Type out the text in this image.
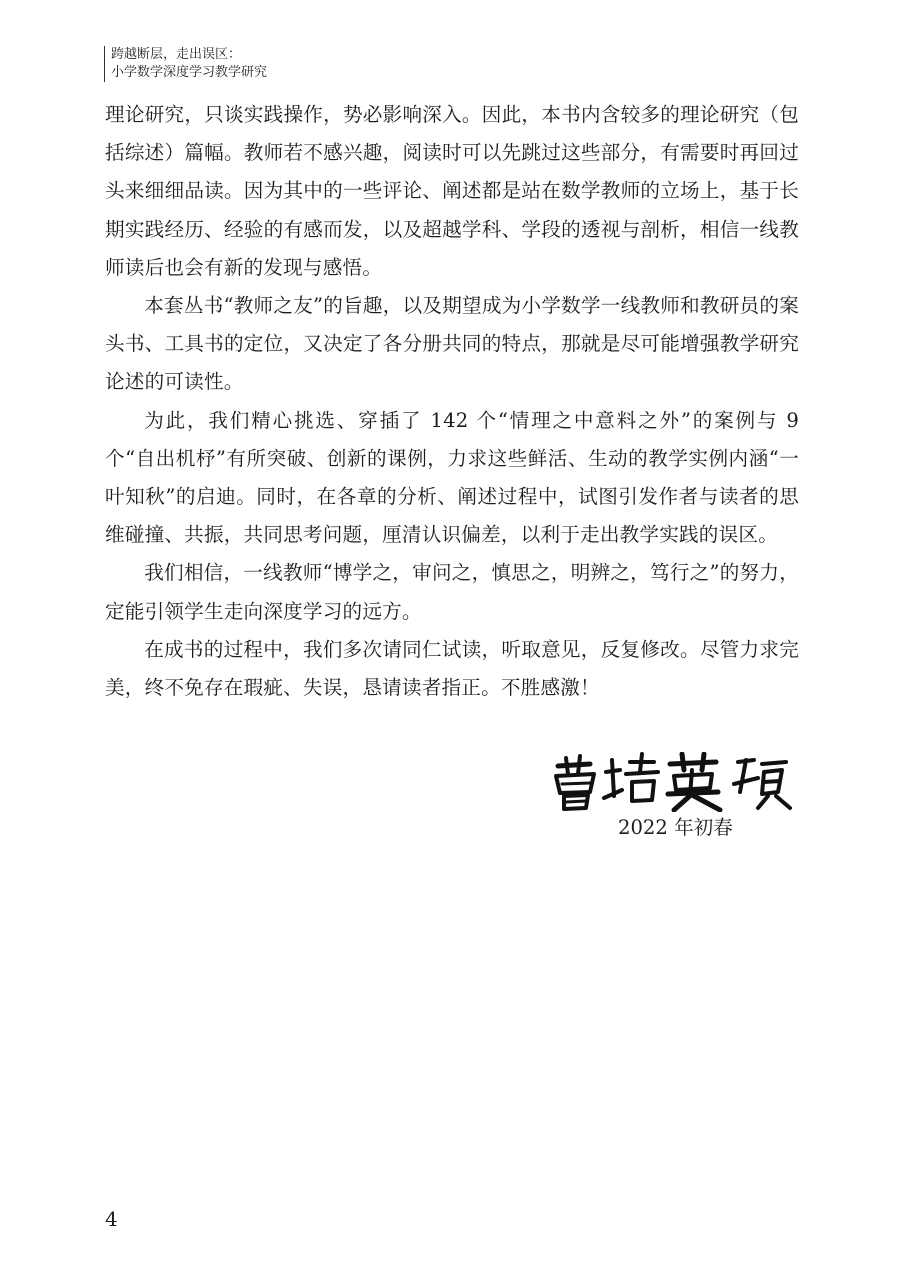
跨越断层，走出误区：
小学数学深度学习教学研究

理论研究，只谈实践操作，势必影响深入。因此，本书内含较多的理论研究（包括综述）篇幅。教师若不感兴趣，阅读时可以先跳过这些部分，有需要时再回过头来细细品读。因为其中的一些评论、阐述都是站在数学教师的立场上，基于长期实践经历、经验的有感而发，以及超越学科、学段的透视与剖析，相信一线教师读后也会有新的发现与感悟。

本套丛书“教师之友”的旨趣，以及期望成为小学数学一线教师和教研员的案头书、工具书的定位，又决定了各分册共同的特点，那就是尽可能增强教学研究论述的可读性。

为此，我们精心挑选、穿插了 142 个“情理之中意料之外”的案例与 9 个“自出机杼”有所突破、创新的课例，力求这些鲜活、生动的教学实例内涵“一叶知秋”的启迪。同时，在各章的分析、阐述过程中，试图引发作者与读者的思维碰撞、共振，共同思考问题，厘清认识偏差，以利于走出教学实践的误区。

我们相信，一线教师“博学之，审问之，慎思之，明辨之，笃行之”的努力，定能引领学生走向深度学习的远方。

在成书的过程中，我们多次请同仁试读，听取意见，反复修改。尽管力求完美，终不免存在瑕疵、失误，恳请读者指正。不胜感激！

2022 年初春
4
